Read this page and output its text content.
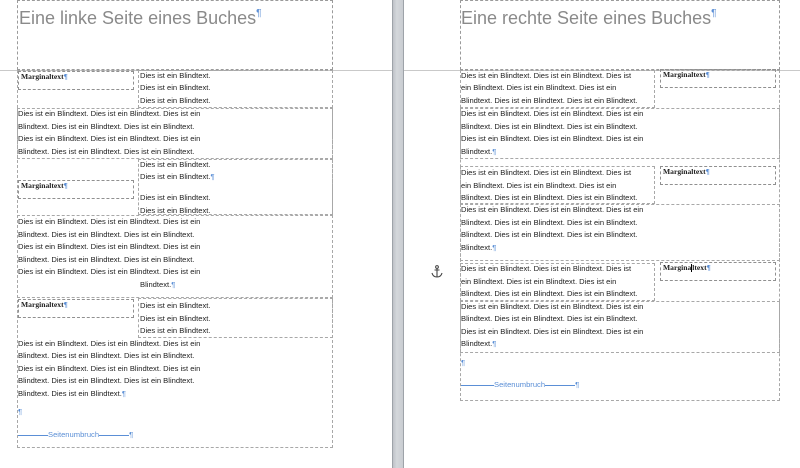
Eine linke Seite eines Buches¶
Marginaltext¶	Dies ist ein Blindtext.
Dies ist ein Blindtext.
Dies ist ein Blindtext.
Dies ist ein Blindtext. Dies ist ein Blindtext. Dies ist ein
Blindtext. Dies ist ein Blindtext. Dies ist ein Blindtext.
Dies ist ein Blindtext. Dies ist ein Blindtext. Dies ist ein
Blindtext. Dies ist ein Blindtext. Dies ist ein Blindtext.
Marginaltext¶
Dies ist ein Blindtext.
Dies ist ein Blindtext.¶
Dies ist ein Blindtext.
Dies ist ein Blindtext.
Dies ist ein Blindtext. Dies ist ein Blindtext. Dies ist ein
Blindtext. Dies ist ein Blindtext. Dies ist ein Blindtext.
Dies ist ein Blindtext. Dies ist ein Blindtext. Dies ist ein
Blindtext. Dies ist ein Blindtext. Dies ist ein Blindtext.
Dies ist ein Blindtext. Dies ist ein Blindtext. Dies ist ein
Blindtext.¶
Marginaltext¶	Dies ist ein Blindtext.
Dies ist ein Blindtext.
Dies ist ein Blindtext.
Dies ist ein Blindtext. Dies ist ein Blindtext. Dies ist ein
Blindtext. Dies ist ein Blindtext. Dies ist ein Blindtext.
Dies ist ein Blindtext. Dies ist ein Blindtext. Dies ist ein
Blindtext. Dies ist ein Blindtext. Dies ist ein Blindtext.
Blindtext. Dies ist ein Blindtext.¶
¶
Seitenumbruch	¶
Eine rechte Seite eines Buches¶
Dies ist ein Blindtext. Dies ist ein Blindtext. Dies ist
ein Blindtext. Dies ist ein Blindtext. Dies ist ein
Blindtext. Dies ist ein Blindtext. Dies ist ein Blindtext.
Marginaltext¶
Dies ist ein Blindtext. Dies ist ein Blindtext. Dies ist ein
Blindtext. Dies ist ein Blindtext. Dies ist ein Blindtext.
Dies ist ein Blindtext. Dies ist ein Blindtext. Dies ist ein
Blindtext.¶
Dies ist ein Blindtext. Dies ist ein Blindtext. Dies ist
ein Blindtext. Dies ist ein Blindtext. Dies ist ein
Blindtext. Dies ist ein Blindtext. Dies ist ein Blindtext.
Marginaltext¶
Dies ist ein Blindtext. Dies ist ein Blindtext. Dies ist ein
Blindtext. Dies ist ein Blindtext. Dies ist ein Blindtext.
Blindtext. Dies ist ein Blindtext. Dies ist ein Blindtext.
Blindtext.¶
Dies ist ein Blindtext. Dies ist ein Blindtext. Dies ist
ein Blindtext. Dies ist ein Blindtext. Dies ist ein
Blindtext. Dies ist ein Blindtext. Dies ist ein Blindtext.
Marginaltext¶
Dies ist ein Blindtext. Dies ist ein Blindtext. Dies ist ein
Blindtext. Dies ist ein Blindtext. Dies ist ein Blindtext.
Dies ist ein Blindtext. Dies ist ein Blindtext. Dies ist ein
Blindtext.¶
¶
Seitenumbruch	¶
